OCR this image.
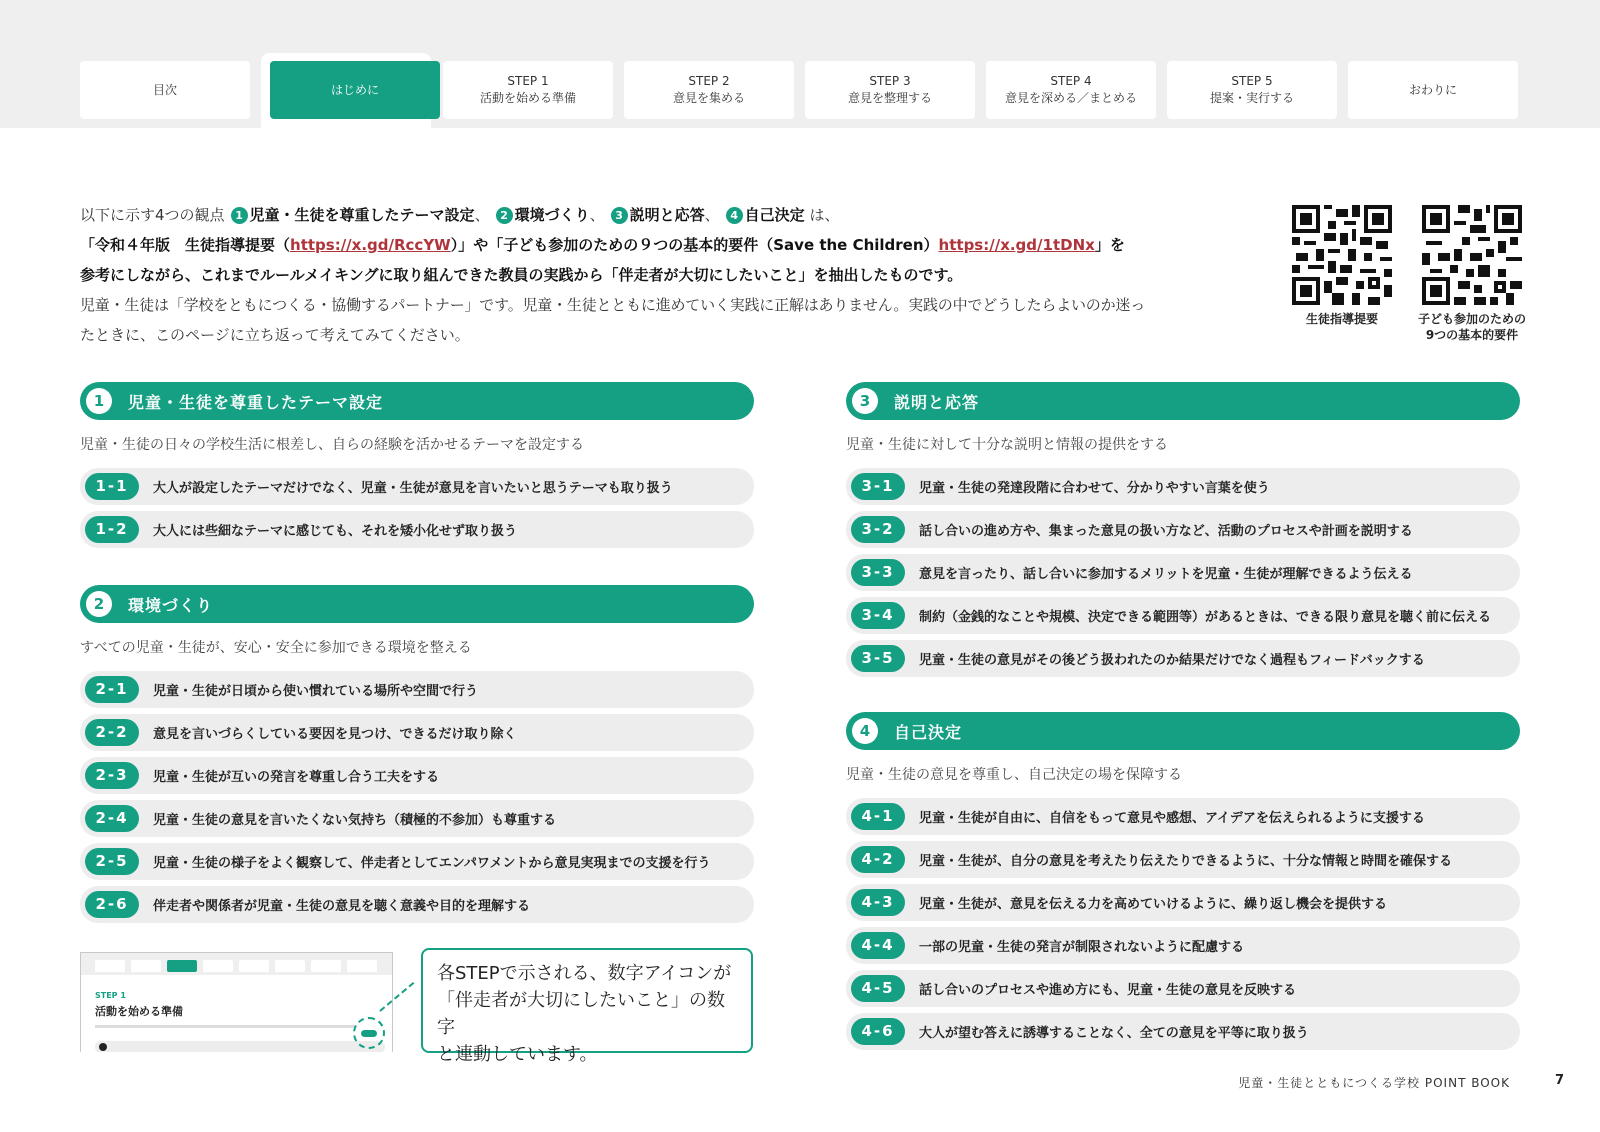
目次	はじめに
STEP 1
活動を始める準備
STEP 2
意見を集める
STEP 3
意見を整理する
STEP 4
意見を深める／まとめる
STEP 5
提案・実行する
おわりに
以下に示す4つの観点 1 児童・生徒を尊重したテーマ設定、 2 環境づくり、 3 説明と応答、 4 自己決定 は、
「令和４年版　生徒指導提要（https://x.gd/RccYW）」や「子ども参加のための９つの基本的要件（Save the Children）https://x.gd/1tDNx」を
参考にしながら、これまでルールメイキングに取り組んできた教員の実践から「伴走者が大切にしたいこと」を抽出したものです。
児童・生徒は「学校をともにつくる・協働するパートナー」です。児童・生徒とともに進めていく実践に正解はありません。実践の中でどうしたらよいのか迷っ
たときに、このページに立ち返って考えてみてください。
生徒指導提要	子ども参加のための
9つの基本的要件
1	児童・生徒を尊重したテーマ設定
児童・生徒の日々の学校生活に根差し、自らの経験を活かせるテーマを設定する
1-1	大人が設定したテーマだけでなく、児童・生徒が意見を言いたいと思うテーマも取り扱う
1-2	大人には些細なテーマに感じても、それを矮小化せず取り扱う
2	環境づくり
すべての児童・生徒が、安心・安全に参加できる環境を整える
2-1	児童・生徒が日頃から使い慣れている場所や空間で行う
2-2	意見を言いづらくしている要因を見つけ、できるだけ取り除く
2-3	児童・生徒が互いの発言を尊重し合う工夫をする
2-4	児童・生徒の意見を言いたくない気持ち（積極的不参加）も尊重する
2-5	児童・生徒の様子をよく観察して、伴走者としてエンパワメントから意見実現までの支援を行う
2-6	伴走者や関係者が児童・生徒の意見を聴く意義や目的を理解する
3	説明と応答
児童・生徒に対して十分な説明と情報の提供をする
3-1	児童・生徒の発達段階に合わせて、分かりやすい言葉を使う
3-2	話し合いの進め方や、集まった意見の扱い方など、活動のプロセスや計画を説明する
3-3	意見を言ったり、話し合いに参加するメリットを児童・生徒が理解できるよう伝える
3-4	制約（金銭的なことや規模、決定できる範囲等）があるときは、できる限り意見を聴く前に伝える
3-5	児童・生徒の意見がその後どう扱われたのか結果だけでなく過程もフィードバックする
4	自己決定
児童・生徒の意見を尊重し、自己決定の場を保障する
4-1	児童・生徒が自由に、自信をもって意見や感想、アイデアを伝えられるように支援する
4-2	児童・生徒が、自分の意見を考えたり伝えたりできるように、十分な情報と時間を確保する
4-3	児童・生徒が、意見を伝える力を高めていけるように、繰り返し機会を提供する
4-4	一部の児童・生徒の発言が制限されないように配慮する
4-5	話し合いのプロセスや進め方にも、児童・生徒の意見を反映する
4-6	大人が望む答えに誘導することなく、全ての意見を平等に取り扱う
STEP 1
活動を始める準備
各STEPで示される、数字アイコンが
「伴走者が大切にしたいこと」の数字
と連動しています。
児童・生徒とともにつくる学校 POINT BOOK	7
